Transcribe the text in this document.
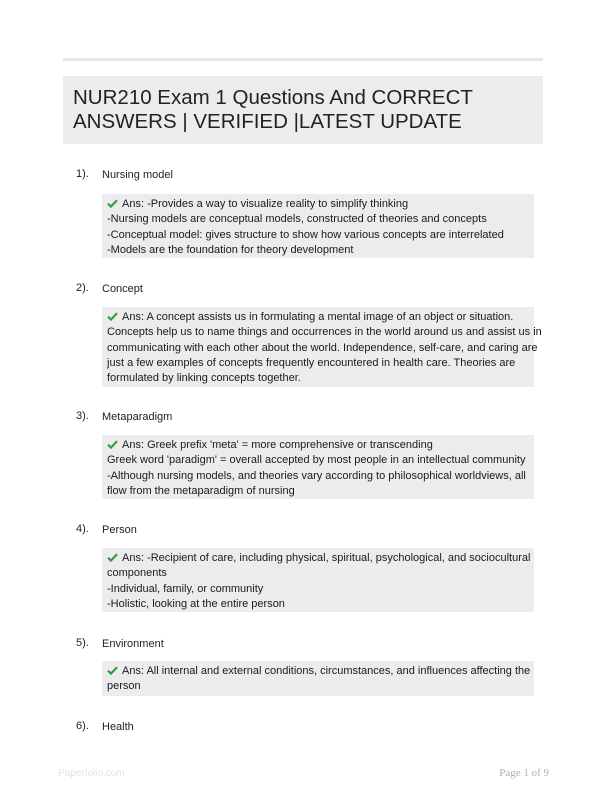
NUR210 Exam 1 Questions And CORRECT
ANSWERS | VERIFIED |LATEST UPDATE
1). Nursing model
Ans: -Provides a way to visualize reality to simplify thinking
-Nursing models are conceptual models, constructed of theories and concepts
-Conceptual model: gives structure to show how various concepts are interrelated
-Models are the foundation for theory development
2). Concept
Ans: A concept assists us in formulating a mental image of an object or situation.
Concepts help us to name things and occurrences in the world around us and assist us in
communicating with each other about the world. Independence, self-care, and caring are
just a few examples of concepts frequently encountered in health care. Theories are
formulated by linking concepts together.
3). Metaparadigm
Ans: Greek prefix 'meta' = more comprehensive or transcending
Greek word 'paradigm' = overall accepted by most people in an intellectual community
-Although nursing models, and theories vary according to philosophical worldviews, all
flow from the metaparadigm of nursing
4). Person
Ans: -Recipient of care, including physical, spiritual, psychological, and sociocultural
components
-Individual, family, or community
-Holistic, looking at the entire person
5). Environment
Ans: All internal and external conditions, circumstances, and influences affecting the
person
6). Health
Paperfolio.com	Page 1 of 9
